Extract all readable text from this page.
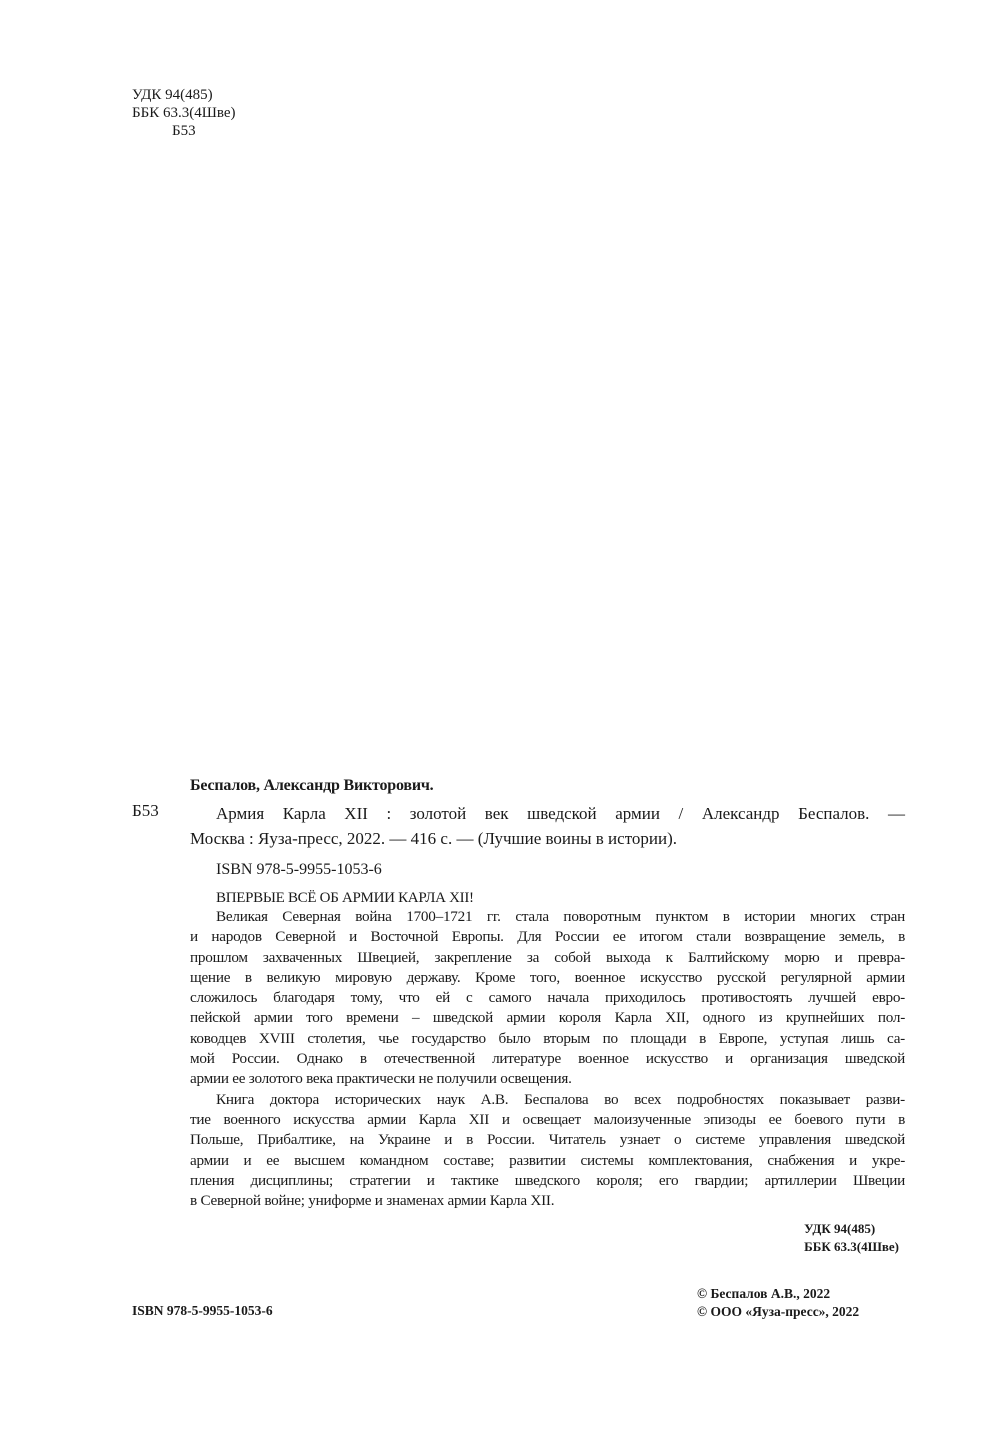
УДК 94(485)
ББК 63.3(4Шве)
Б53
Беспалов, Александр Викторович.
Б53	Армия Карла XII : золотой век шведской армии / Александр Беспалов. —
Москва : Яуза-пресс, 2022. — 416 с. — (Лучшие воины в истории).
ISBN 978-5-9955-1053-6
ВПЕРВЫЕ ВСЁ ОБ АРМИИ КАРЛА XII!
Великая Северная война 1700–1721 гг. стала поворотным пунктом в истории многих стран
и народов Северной и Восточной Европы. Для России ее итогом стали возвращение земель, в
прошлом захваченных Швецией, закрепление за собой выхода к Балтийскому морю и превра-
щение в великую мировую державу. Кроме того, военное искусство русской регулярной армии
сложилось благодаря тому, что ей с самого начала приходилось противостоять лучшей евро-
пейской армии того времени – шведской армии короля Карла XII, одного из крупнейших пол-
ководцев XVIII столетия, чье государство было вторым по площади в Европе, уступая лишь са-
мой России. Однако в отечественной литературе военное искусство и организация шведской
армии ее золотого века практически не получили освещения.
Книга доктора исторических наук А.В. Беспалова во всех подробностях показывает разви-
тие военного искусства армии Карла XII и освещает малоизученные эпизоды ее боевого пути в
Польше, Прибалтике, на Украине и в России. Читатель узнает о системе управления шведской
армии и ее высшем командном составе; развитии системы комплектования, снабжения и укре-
пления дисциплины; стратегии и тактике шведского короля; его гвардии; артиллерии Швеции
в Северной войне; униформе и знаменах армии Карла XII.
УДК 94(485)
ББК 63.3(4Шве)
ISBN 978-5-9955-1053-6
© Беспалов А.В., 2022
© ООО «Яуза-пресс», 2022
